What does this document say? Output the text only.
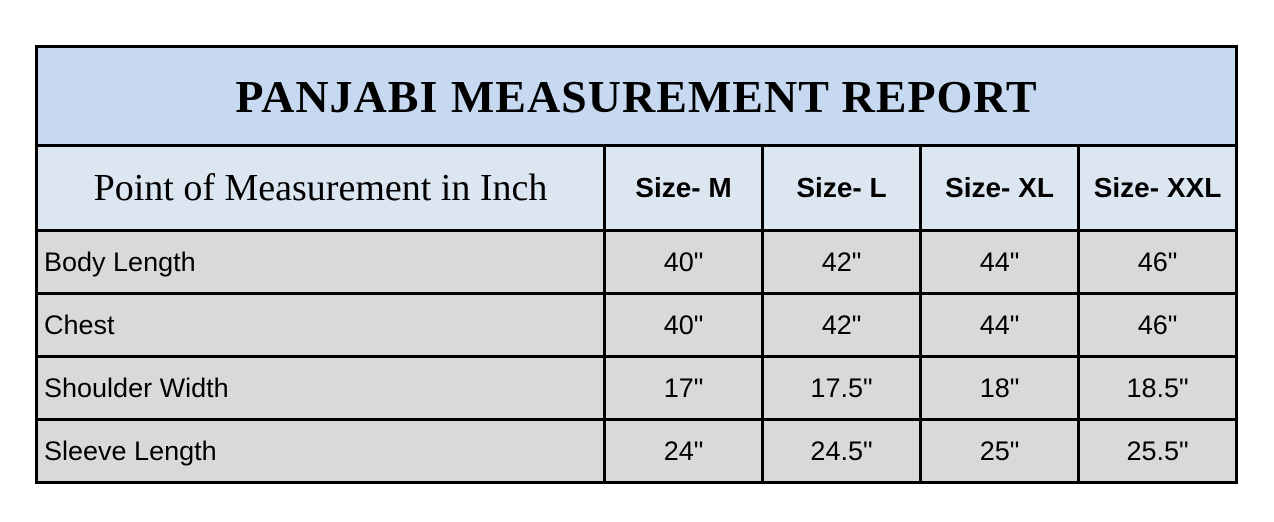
PANJABI MEASUREMENT REPORT				
Point of Measurement in Inch	Size- M	Size- L	Size- XL	Size- XXL
Body Length	40"	42"	44"	46"
Chest	40"	42"	44"	46"
Shoulder Width	17"	17.5"	18"	18.5"
Sleeve Length	24"	24.5"	25"	25.5"
